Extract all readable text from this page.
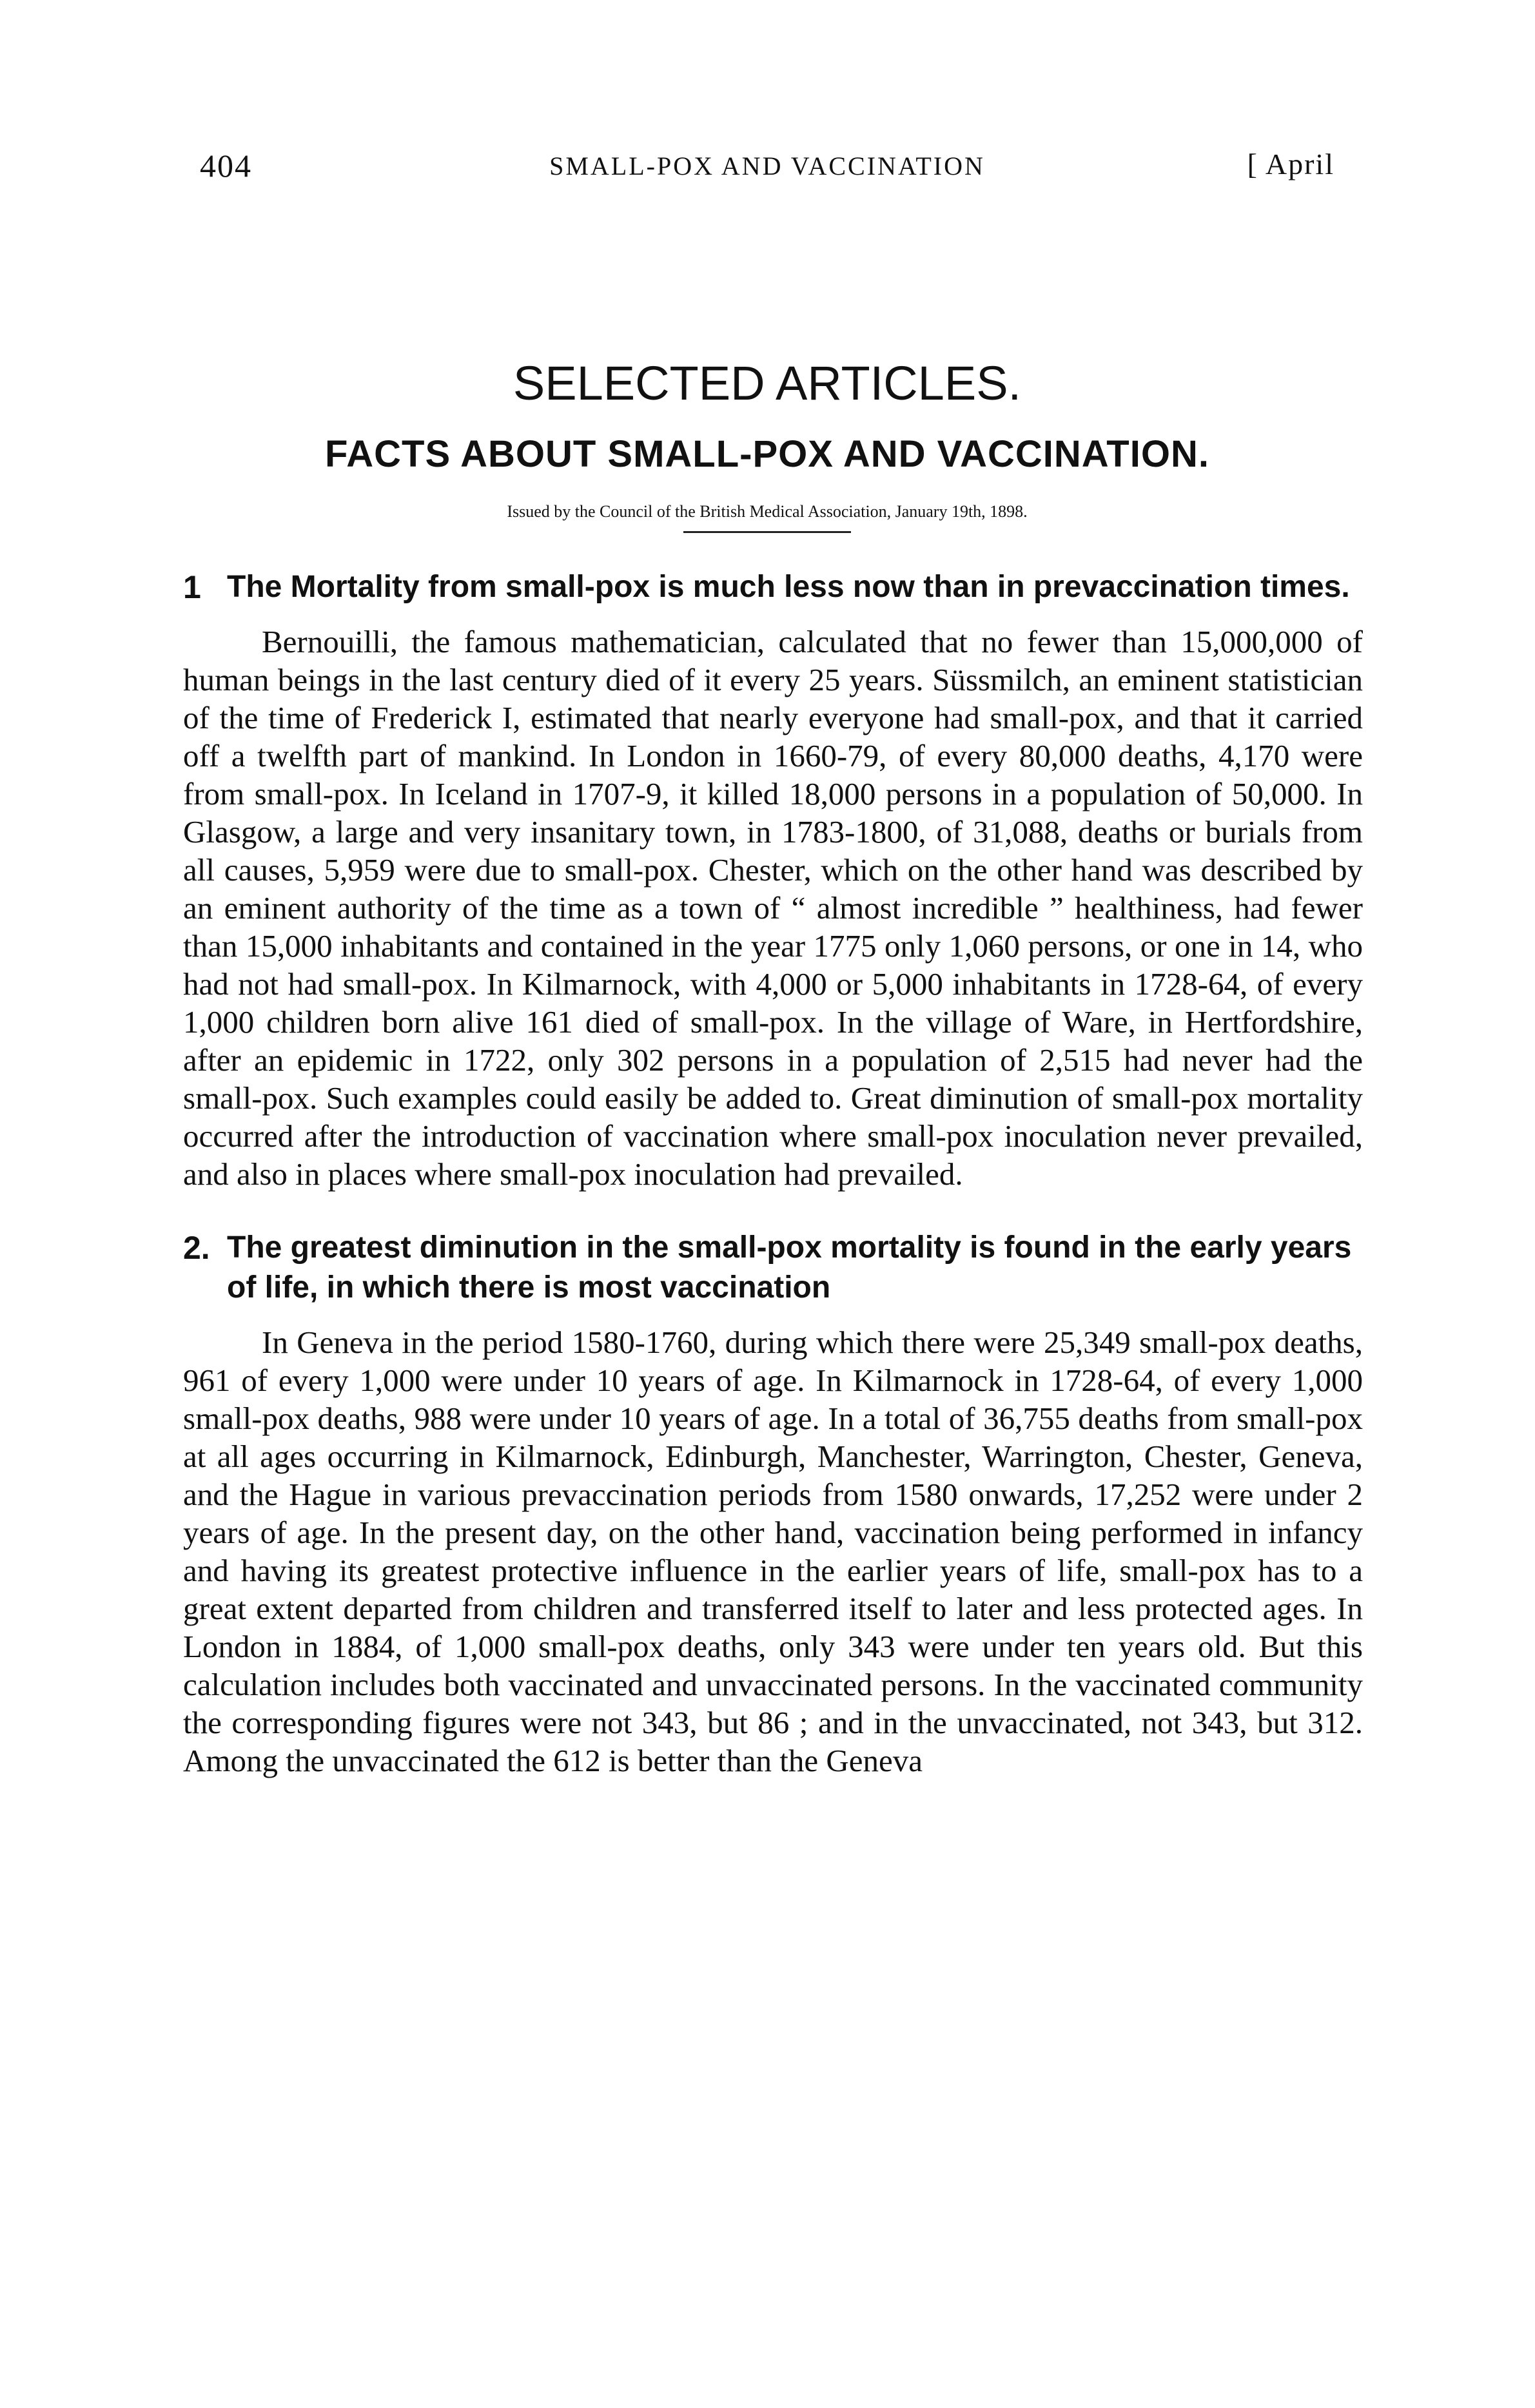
404	SMALL-POX AND VACCINATION	[ April
SELECTED ARTICLES.
FACTS ABOUT SMALL-POX AND VACCINATION.
Issued by the Council of the British Medical Association, January 19th, 1898.
1 The Mortality from small-pox is much less now than in prevaccination times.

Bernouilli, the famous mathematician, calculated that no fewer than 15,000,000 of human beings in the last century died of it every 25 years. Süssmilch, an eminent statistician of the time of Frederick I, estimated that nearly everyone had small-pox, and that it carried off a twelfth part of mankind. In London in 1660-79, of every 80,000 deaths, 4,170 were from small-pox. In Iceland in 1707-9, it killed 18,000 persons in a population of 50,000. In Glasgow, a large and very insanitary town, in 1783-1800, of 31,088, deaths or burials from all causes, 5,959 were due to small-pox. Chester, which on the other hand was described by an eminent authority of the time as a town of “ almost incredible ” healthiness, had fewer than 15,000 inhabitants and contained in the year 1775 only 1,060 persons, or one in 14, who had not had small-pox. In Kilmarnock, with 4,000 or 5,000 inhabitants in 1728-64, of every 1,000 children born alive 161 died of small-pox. In the village of Ware, in Hertfordshire, after an epidemic in 1722, only 302 persons in a population of 2,515 had never had the small-pox. Such examples could easily be added to. Great diminution of small-pox mortality occurred after the introduction of vaccination where small-pox inoculation never prevailed, and also in places where small-pox inoculation had prevailed.

2. The greatest diminution in the small-pox mortality is found in the early years of life, in which there is most vaccination

In Geneva in the period 1580-1760, during which there were 25,349 small-pox deaths, 961 of every 1,000 were under 10 years of age. In Kilmarnock in 1728-64, of every 1,000 small-pox deaths, 988 were under 10 years of age. In a total of 36,755 deaths from small-pox at all ages occurring in Kilmarnock, Edinburgh, Manchester, Warrington, Chester, Geneva, and the Hague in various prevaccination periods from 1580 onwards, 17,252 were under 2 years of age. In the present day, on the other hand, vaccination being performed in infancy and having its greatest protective influence in the earlier years of life, small-pox has to a great extent departed from children and transferred itself to later and less protected ages. In London in 1884, of 1,000 small-pox deaths, only 343 were under ten years old. But this calculation includes both vaccinated and unvaccinated persons. In the vaccinated community the corresponding figures were not 343, but 86 ; and in the unvaccinated, not 343, but 312. Among the unvaccinated the 612 is better than the Geneva
